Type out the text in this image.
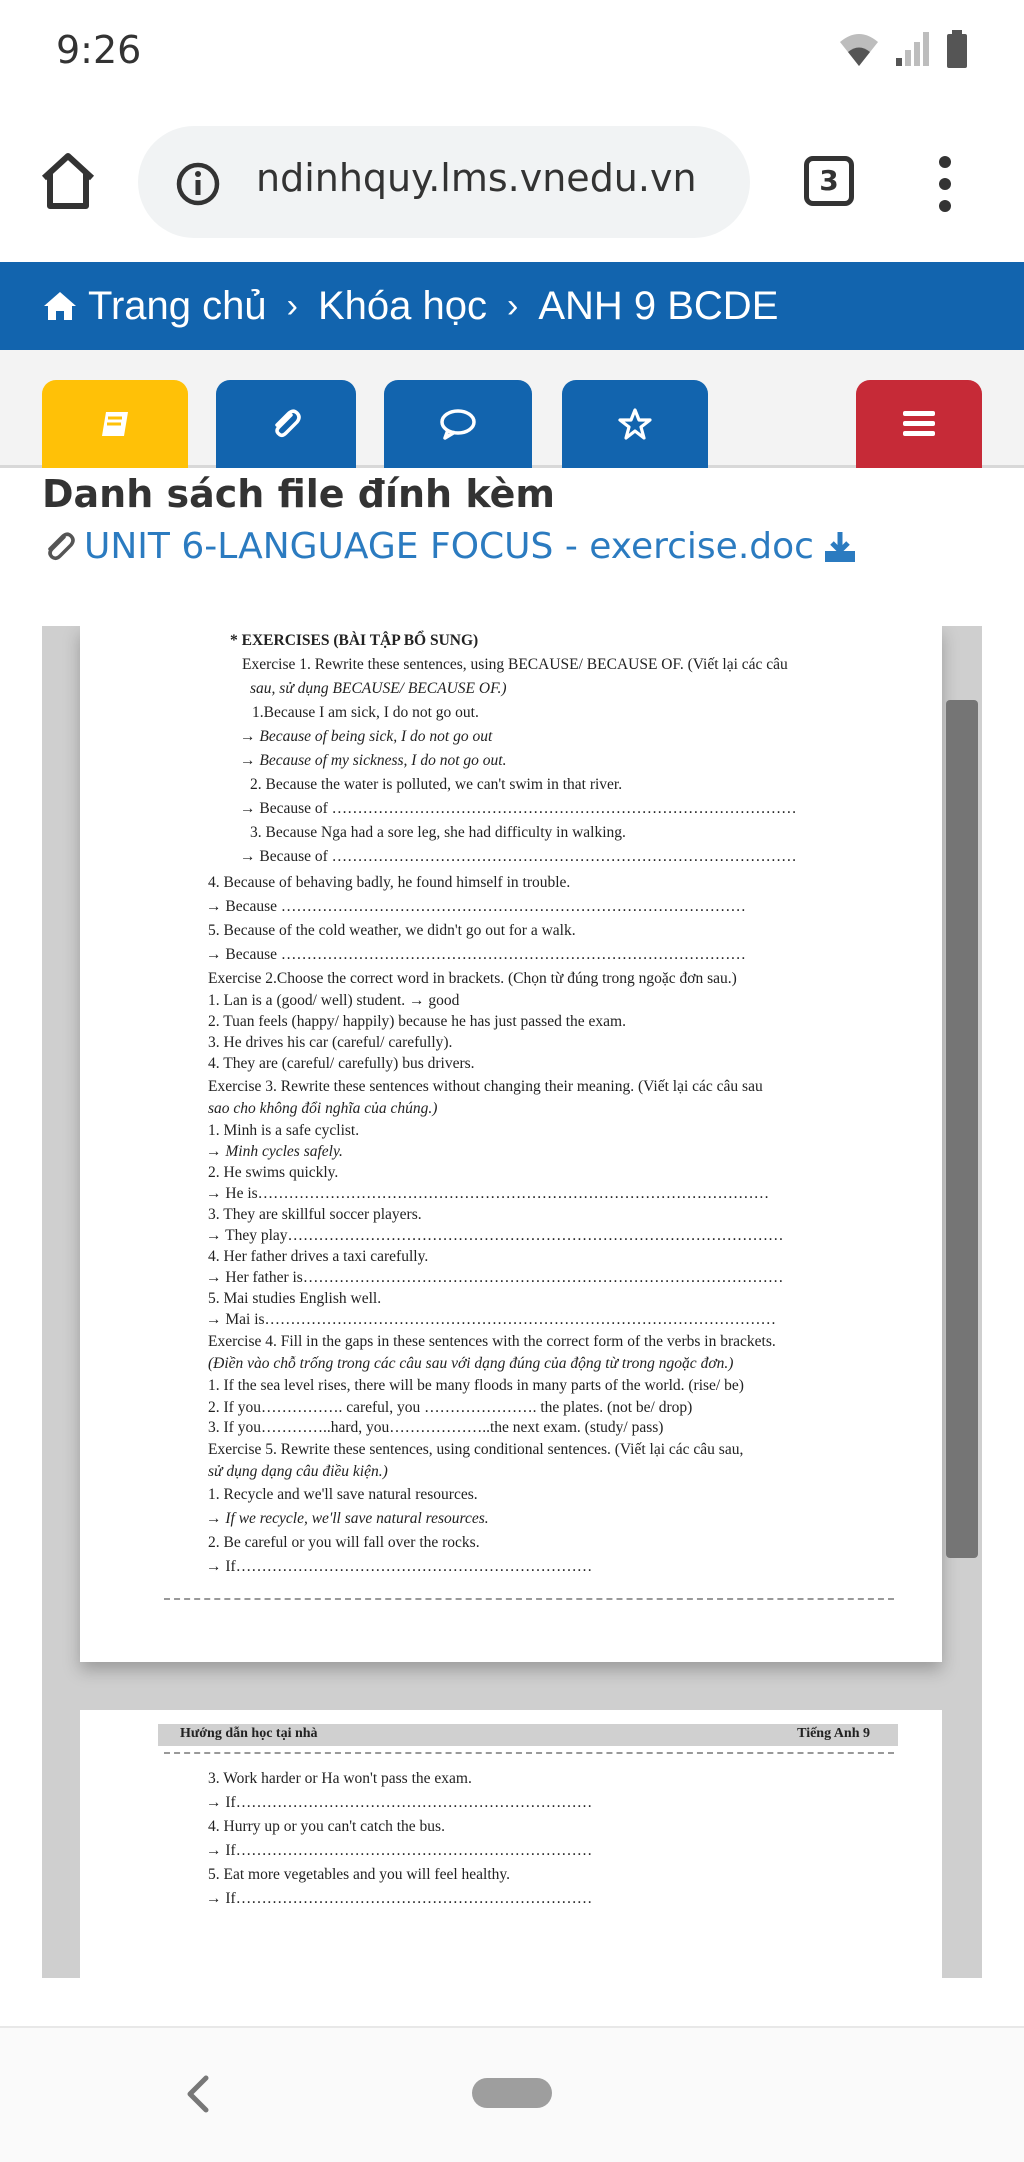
9:26
ndinhquy.lms.vnedu.vn	3
Trang chủ › Khóa học › ANH 9 BCDE
Danh sách file đính kèm
UNIT 6-LANGUAGE FOCUS - exercise.doc
* EXERCISES (BÀI TẬP BỔ SUNG)
Exercise 1. Rewrite these sentences, using BECAUSE/ BECAUSE OF. (Viết lại các câu
sau, sử dụng BECAUSE/ BECAUSE OF.)
1.Because I am sick, I do not go out.
→ Because of being sick, I do not go out
→ Because of my sickness, I do not go out.
2. Because the water is polluted, we can't swim in that river.
→ Because of ………………………………………………………………………………
3. Because Nga had a sore leg, she had difficulty in walking.
→ Because of ………………………………………………………………………………
4. Because of behaving badly, he found himself in trouble.
→ Because ………………………………………………………………………………
5. Because of the cold weather, we didn't go out for a walk.
→ Because ………………………………………………………………………………
Exercise 2.Choose the correct word in brackets. (Chọn từ đúng trong ngoặc đơn sau.)
1. Lan is a (good/ well) student. → good
2. Tuan feels (happy/ happily) because he has just passed the exam.
3. He drives his car (careful/ carefully).
4. They are (careful/ carefully) bus drivers.
Exercise 3. Rewrite these sentences without changing their meaning. (Viết lại các câu sau
sao cho không đổi nghĩa của chúng.)
1. Minh is a safe cyclist.
→ Minh cycles safely.
2. He swims quickly.
→ He is………………………………………………………………………………………
3. They are skillful soccer players.
→ They play……………………………………………………………………………………
4. Her father drives a taxi carefully.
→ Her father is…………………………………………………………………………………
5. Mai studies English well.
→ Mai is………………………………………………………………………………………
Exercise 4. Fill in the gaps in these sentences with the correct form of the verbs in brackets.
(Điền vào chỗ trống trong các câu sau với dạng đúng của động từ trong ngoặc đơn.)
1. If the sea level rises, there will be many floods in many parts of the world. (rise/ be)
2. If you……………. careful, you …………………. the plates. (not be/ drop)
3. If you…………..hard, you………………..the next exam. (study/ pass)
Exercise 5. Rewrite these sentences, using conditional sentences. (Viết lại các câu sau,
sử dụng dạng câu điều kiện.)
1. Recycle and we'll save natural resources.
→ If we recycle, we'll save natural resources.
2. Be careful or you will fall over the rocks.
→ If……………………………………………………………
Hướng dẫn học tại nhà	Tiếng Anh 9
3. Work harder or Ha won't pass the exam.
→ If……………………………………………………………
4. Hurry up or you can't catch the bus.
→ If……………………………………………………………
5. Eat more vegetables and you will feel healthy.
→ If……………………………………………………………
